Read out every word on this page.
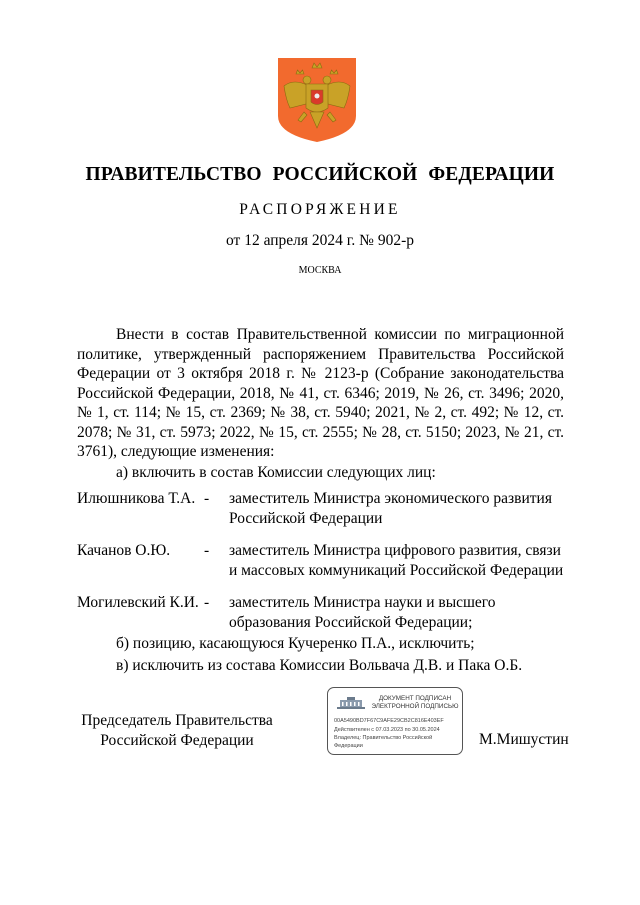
ПРАВИТЕЛЬСТВО РОССИЙСКОЙ ФЕДЕРАЦИИ
РАСПОРЯЖЕНИЕ
от 12 апреля 2024 г. № 902-р
МОСКВА

Внести в состав Правительственной комиссии по миграционной политике, утвержденный распоряжением Правительства Российской Федерации от 3 октября 2018 г. № 2123-р (Собрание законодательства Российской Федерации, 2018, № 41, ст. 6346; 2019, № 26, ст. 3496; 2020, № 1, ст. 114; № 15, ст. 2369; № 38, ст. 5940; 2021, № 2, ст. 492; № 12, ст. 2078; № 31, ст. 5973; 2022, № 15, ст. 2555; № 28, ст. 5150; 2023, № 21, ст. 3761), следующие изменения:

а) включить в состав Комиссии следующих лиц:

Илюшникова Т.А. - заместитель Министра экономического развития Российской Федерации
Качанов О.Ю. - заместитель Министра цифрового развития, связи и массовых коммуникаций Российской Федерации
Могилевский К.И. - заместитель Министра науки и высшего образования Российской Федерации;

б) позицию, касающуюся Кучеренко П.А., исключить;

в) исключить из состава Комиссии Вольвача Д.В. и Пака О.Б.

Председатель Правительства
Российской Федерации
ДОКУМЕНТ ПОДПИСАН
ЭЛЕКТРОННОЙ ПОДПИСЬЮ
00A5490BD7F67C9AFE29CB2C816E403EF
Действителен с 07.03.2023 по 30.05.2024
Владелец: Правительство Российской
Федерации	М.Мишустин
